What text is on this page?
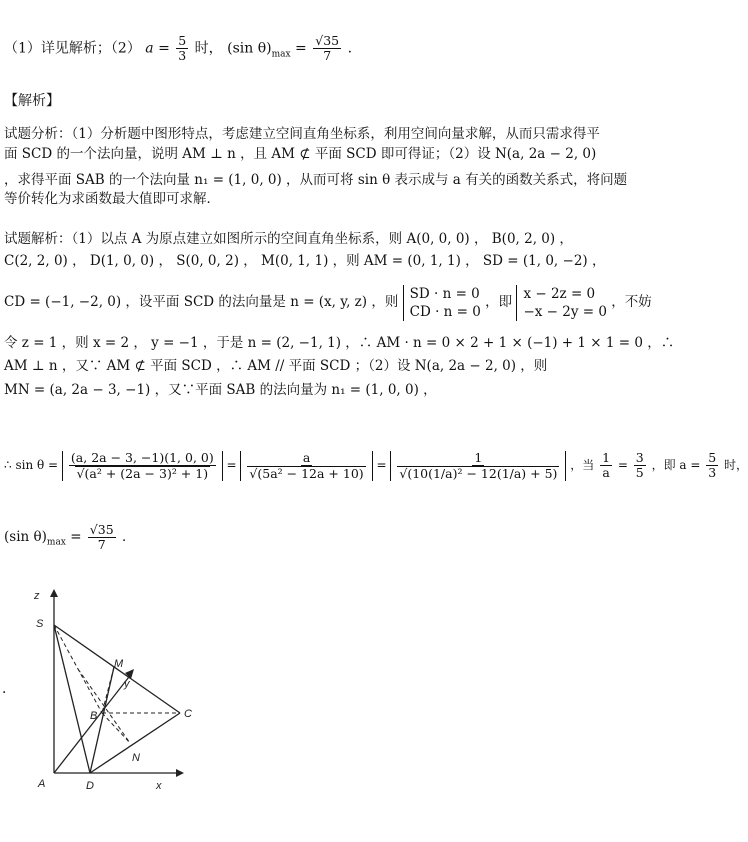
（1）详见解析；（2） $a = \frac{5}{3}$ 时， (sin $\theta)_{max} = \frac{√35}{7}$ .
【解析】
试题分析：（1）分析题中图形特点，考虑建立空间直角坐标系，利用空间向量求解，从而只需求得平
面 SCD 的一个法向量，说明 AM ⊥ n ，且 AM ⊄ 平面 SCD 即可得证；（2）设 N(a, 2a − 2, 0)
，求得平面 SAB 的一个法向量 n₁ = (1, 0, 0) ，从而可将 sin θ 表示成与 a 有关的函数关系式，将问题
等价转化为求函数最大值即可求解．
试题解析：（1）以点 A 为原点建立如图所示的空间直角坐标系，则 A(0, 0, 0) ， B(0, 2, 0) ，
C(2, 2, 0) ， D(1, 0, 0) ， S(0, 0, 2) ， M(0, 1, 1) ，则 AM = (0, 1, 1) ， SD = (1, 0, −2) ，
CD = (−1, −2, 0) ，设平面 SCD 的法向量是 n = (x, y, z) ，则
SD · n = 0
CD · n = 0
，即
x − 2z = 0
−x − 2y = 0
，不妨
令 z = 1 ，则 x = 2 ， y = −1 ，于是 n = (2, −1, 1) ，∴ AM · n = 0 × 2 + 1 × (−1) + 1 × 1 = 0 ，∴
AM ⊥ n ，又∵ AM ⊄ 平面 SCD ，∴ AM // 平面 SCD ；（2）设 N(a, 2a − 2, 0) ，则
MN = (a, 2a − 3, −1) ，又∵平面 SAB 的法向量为 n₁ = (1, 0, 0) ，
∴ $\sin \theta = \frac{(a, 2a - 3, -1)(1, 0, 0)}{\text{√(a² + (2a − 3)² + 1)}} = \frac{a}{\text{√(5a² − 12a + 10)}} = \frac{1}{\text{√(10(1/a)² − 12(1/a) + 5)}}$ ，当 $\frac{1}{a} = \frac{3}{5}$ ，即 $a = \frac{5}{3}$ 时，
(sin $\theta)_{max} = \frac{√35}{7}$ ．
.
z
S
M
y
B	C
N
A	D	x
